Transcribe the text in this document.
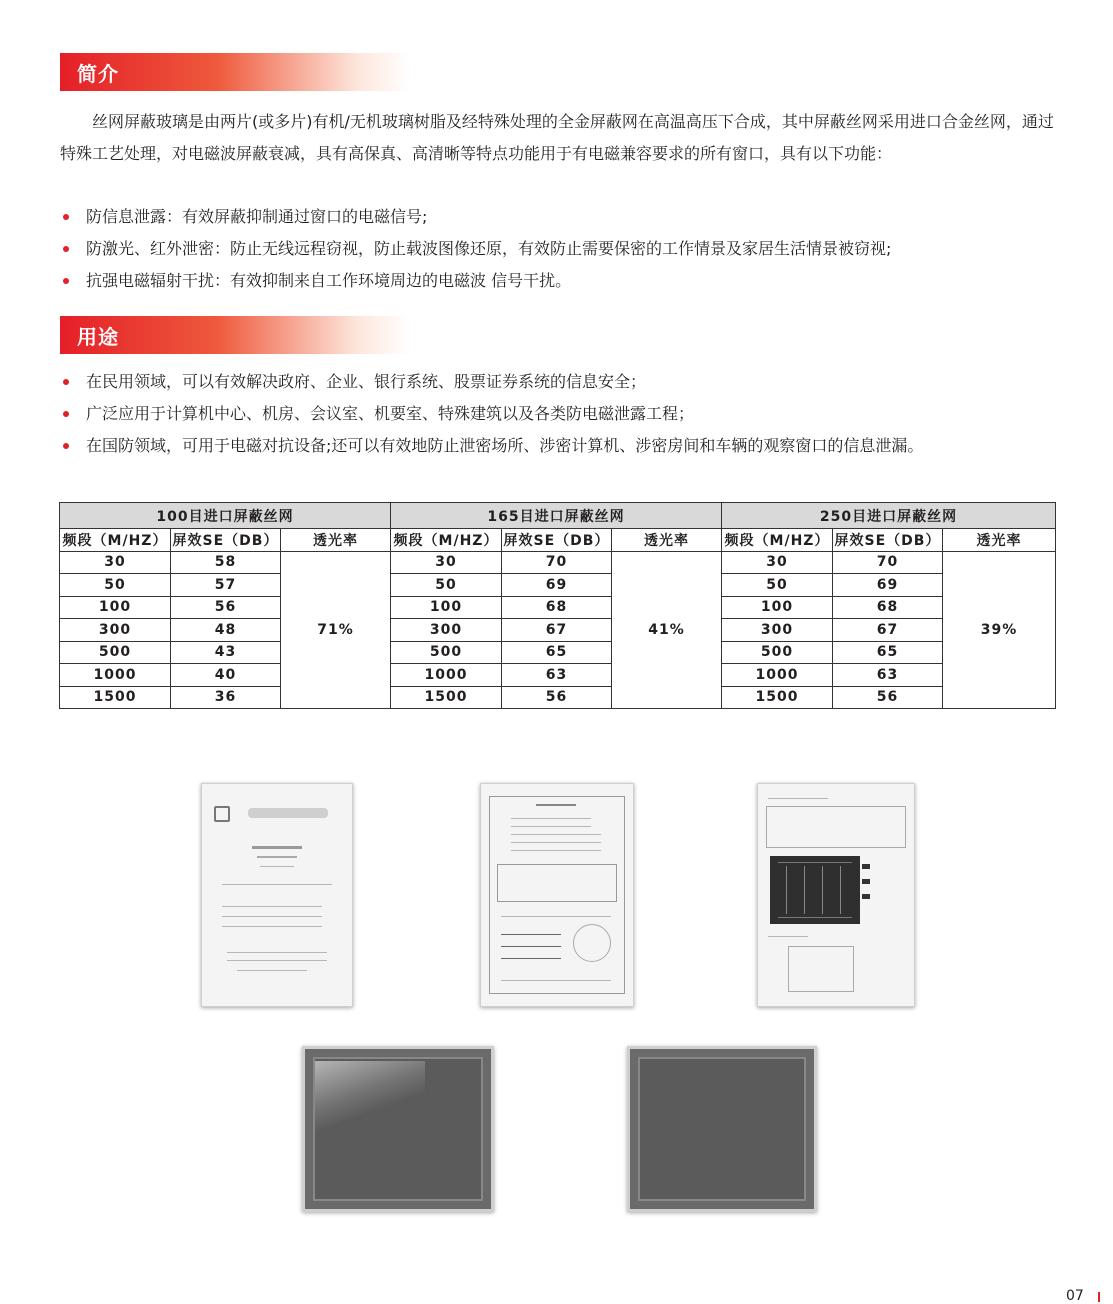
简介
丝网屏蔽玻璃是由两片(或多片)有机/无机玻璃树脂及经特殊处理的全金屏蔽网在高温高压下合成，其中屏蔽丝网采用进口合金丝网，通过特殊工艺处理，对电磁波屏蔽衰减，具有高保真、高清晰等特点功能用于有电磁兼容要求的所有窗口，具有以下功能：
防信息泄露：有效屏蔽抑制通过窗口的电磁信号;
防激光、红外泄密：防止无线远程窃视，防止载波图像还原，有效防止需要保密的工作情景及家居生活情景被窃视;
抗强电磁辐射干扰：有效抑制来自工作环境周边的电磁波 信号干扰。
用途
在民用领域，可以有效解决政府、企业、银行系统、股票证券系统的信息安全；
广泛应用于计算机中心、机房、会议室、机要室、特殊建筑以及各类防电磁泄露工程；
在国防领域，可用于电磁对抗设备;还可以有效地防止泄密场所、涉密计算机、涉密房间和车辆的观察窗口的信息泄漏。
100目进口屏蔽丝网			165目进口屏蔽丝网			250目进口屏蔽丝网		
频段（M/HZ）	屏效SE（DB）	透光率	频段（M/HZ）	屏效SE（DB）	透光率	频段（M/HZ）	屏效SE（DB）	透光率
30	58	71%	30	70	41%	30	70	39%
50	57		50	69		50	69	
100	56		100	68		100	68	
300	48		300	67		300	67	
500	43		500	65		500	65	
1000	40		1000	63		1000	63	
1500	36		1500	56		1500	56	
07
